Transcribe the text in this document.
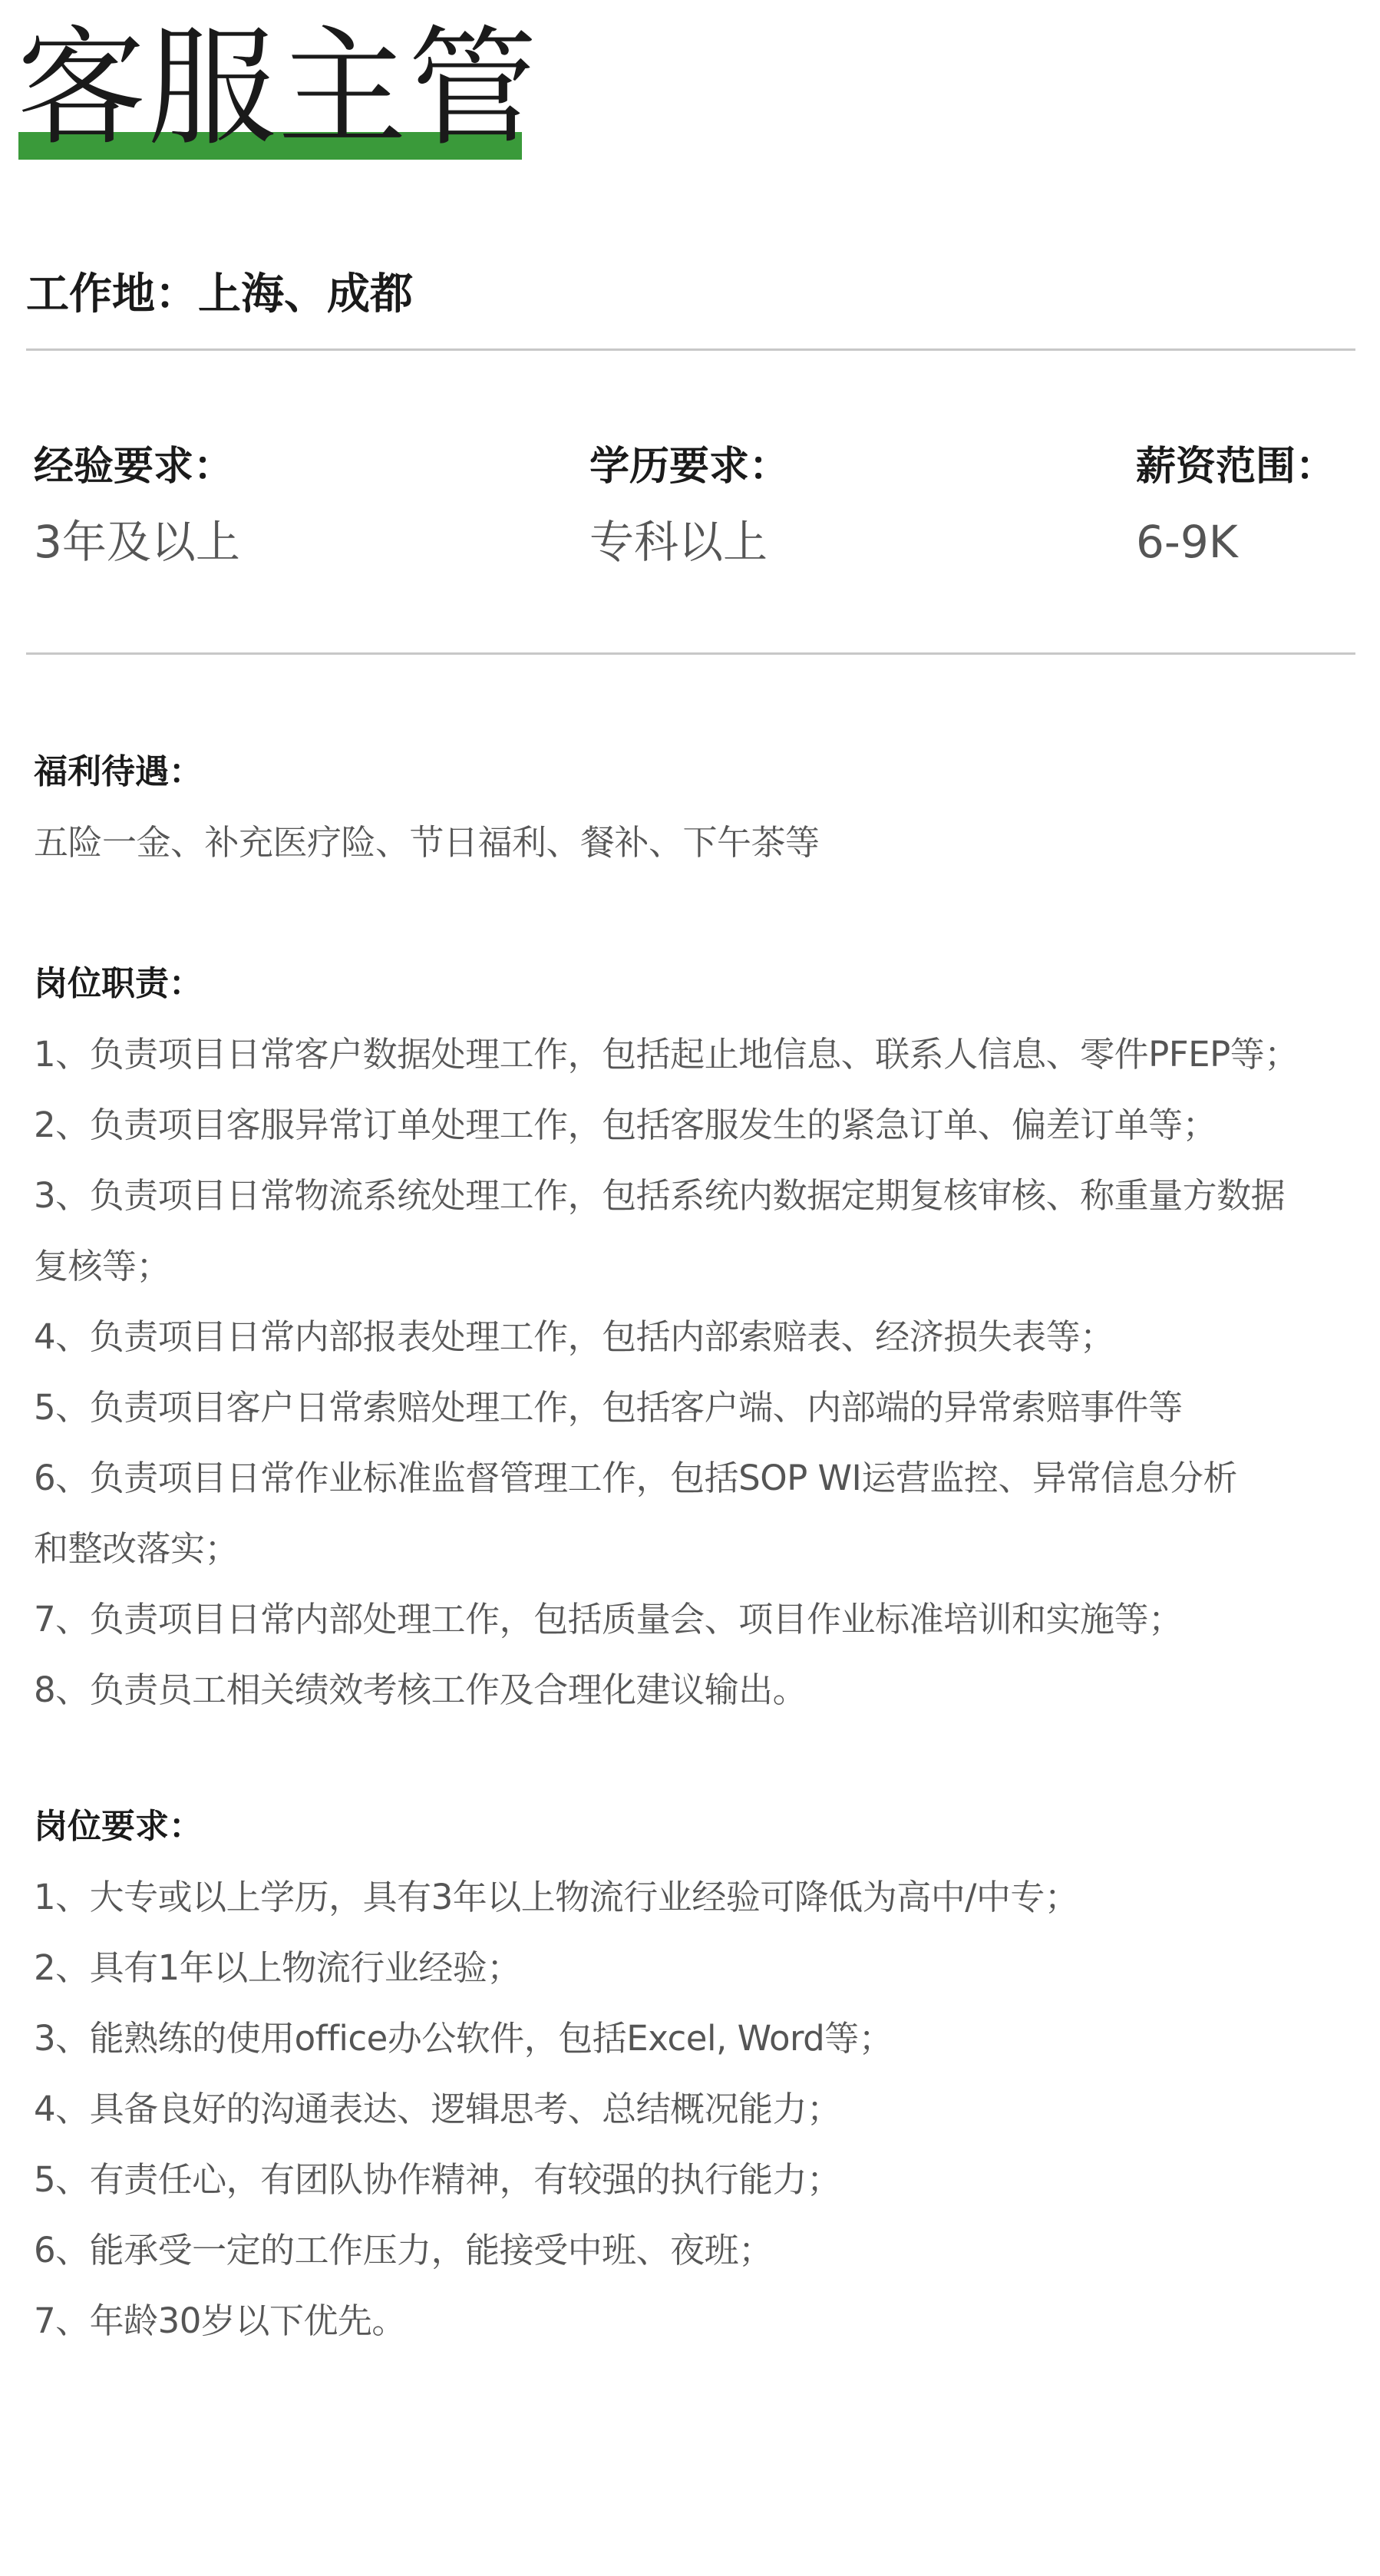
客服主管
工作地：上海、成都
经验要求：
3年及以上
学历要求：
专科以上
薪资范围：
6-9K
福利待遇：
五险一金、补充医疗险、节日福利、餐补、下午茶等
岗位职责：
1、负责项目日常客户数据处理工作，包括起止地信息、联系人信息、零件PFEP等；
2、负责项目客服异常订单处理工作，包括客服发生的紧急订单、偏差订单等；
3、负责项目日常物流系统处理工作，包括系统内数据定期复核审核、称重量方数据
复核等；
4、负责项目日常内部报表处理工作，包括内部索赔表、经济损失表等；
5、负责项目客户日常索赔处理工作，包括客户端、内部端的异常索赔事件等
6、负责项目日常作业标准监督管理工作，包括SOP WI运营监控、异常信息分析
和整改落实；
7、负责项目日常内部处理工作，包括质量会、项目作业标准培训和实施等；
8、负责员工相关绩效考核工作及合理化建议输出。
岗位要求：
1、大专或以上学历，具有3年以上物流行业经验可降低为高中/中专；
2、具有1年以上物流行业经验；
3、能熟练的使用office办公软件，包括Excel, Word等；
4、具备良好的沟通表达、逻辑思考、总结概况能力；
5、有责任心，有团队协作精神，有较强的执行能力；
6、能承受一定的工作压力，能接受中班、夜班；
7、年龄30岁以下优先。
